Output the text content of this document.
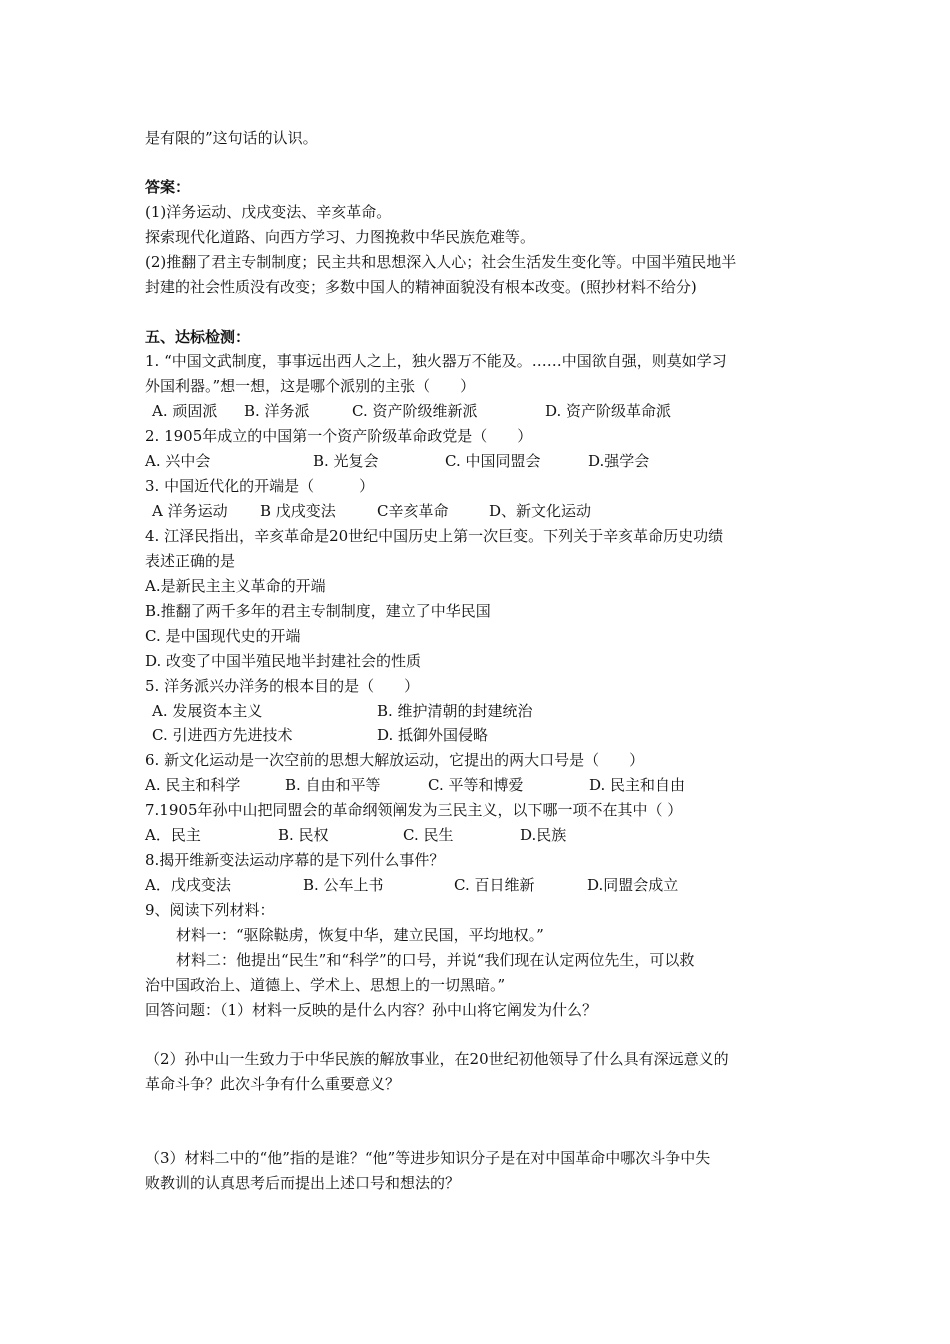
是有限的”这句话的认识。
答案：
(1)洋务运动、戊戌变法、辛亥革命。
探索现代化道路、向西方学习、力图挽救中华民族危难等。
(2)推翻了君主专制制度；民主共和思想深入人心；社会生活发生变化等。中国半殖民地半
封建的社会性质没有改变；多数中国人的精神面貌没有根本改变。(照抄材料不给分)
五、达标检测：
1. “中国文武制度，事事远出西人之上，独火器万不能及。……中国欲自强，则莫如学习
外国利器。”想一想，这是哪个派别的主张（　　）
A. 顽固派 B. 洋务派	C. 资产阶级维新派	D. 资产阶级革命派
2. 1905年成立的中国第一个资产阶级革命政党是（　　）
A. 兴中会	B. 光复会	C. 中国同盟会	D.强学会
3. 中国近代化的开端是（　　　）
A 洋务运动 B 戊戌变法	C辛亥革命	D、新文化运动
4. 江泽民指出，辛亥革命是20世纪中国历史上第一次巨变。下列关于辛亥革命历史功绩
表述正确的是
A.是新民主主义革命的开端
B.推翻了两千多年的君主专制制度，建立了中华民国
C. 是中国现代史的开端
D. 改变了中国半殖民地半封建社会的性质
5. 洋务派兴办洋务的根本目的是（　　）
A. 发展资本主义	B. 维护清朝的封建统治
C. 引进西方先进技术	D. 抵御外国侵略
6. 新文化运动是一次空前的思想大解放运动，它提出的两大口号是（　　）
A. 民主和科学	B. 自由和平等	C. 平等和博爱	D. 民主和自由
7.1905年孙中山把同盟会的革命纲领阐发为三民主义，以下哪一项不在其中（ ）
A．民主	B. 民权	C. 民生	D.民族
8.揭开维新变法运动序幕的是下列什么事件？
A．戊戌变法	B. 公车上书	C. 百日维新	D.同盟会成立
9、阅读下列材料：
材料一：“驱除鞑虏，恢复中华，建立民国，平均地权。”
材料二：他提出“民生”和“科学”的口号，并说“我们现在认定两位先生，可以救
治中国政治上、道德上、学术上、思想上的一切黑暗。”
回答问题：（1）材料一反映的是什么内容？孙中山将它阐发为什么？
（2）孙中山一生致力于中华民族的解放事业，在20世纪初他领导了什么具有深远意义的
革命斗争？此次斗争有什么重要意义？
（3）材料二中的“他”指的是谁？“他”等进步知识分子是在对中国革命中哪次斗争中失
败教训的认真思考后而提出上述口号和想法的？
